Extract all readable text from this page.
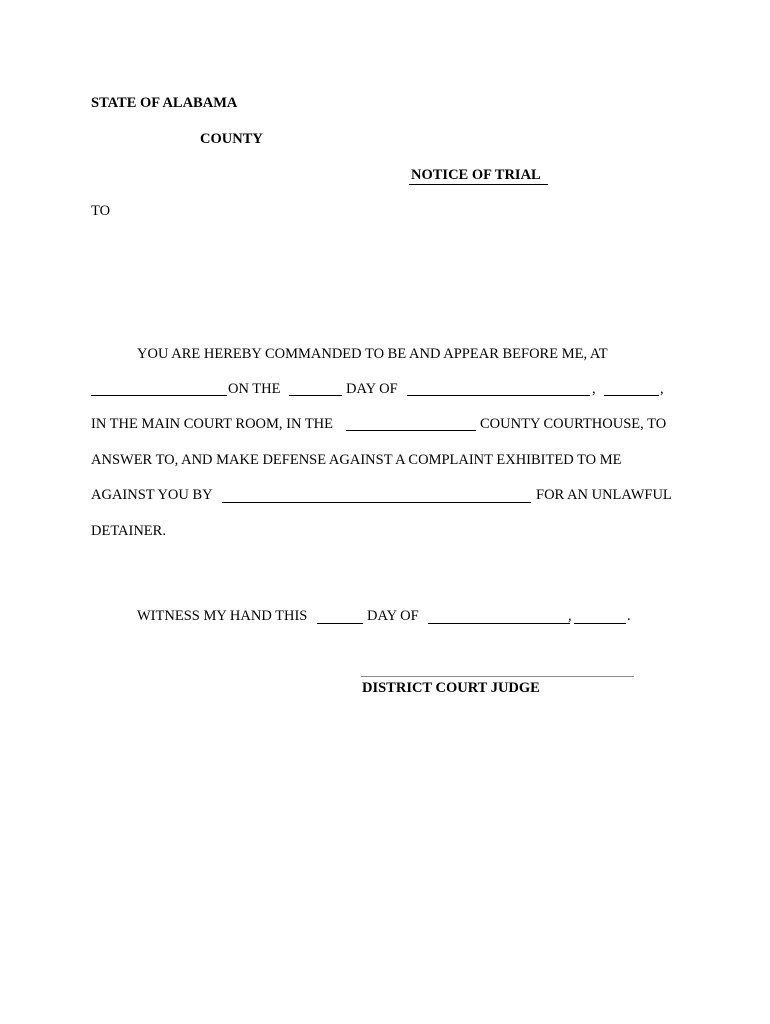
STATE OF ALABAMA
COUNTY
NOTICE OF TRIAL
TO
YOU ARE HEREBY COMMANDED TO BE AND APPEAR BEFORE ME, AT
ON THE	DAY OF	,	,
IN THE MAIN COURT ROOM, IN THE	COUNTY COURTHOUSE, TO
ANSWER TO, AND MAKE DEFENSE AGAINST A COMPLAINT EXHIBITED TO ME
AGAINST YOU BY	FOR AN UNLAWFUL
DETAINER.
WITNESS MY HAND THIS	DAY OF	,	.
DISTRICT COURT JUDGE
